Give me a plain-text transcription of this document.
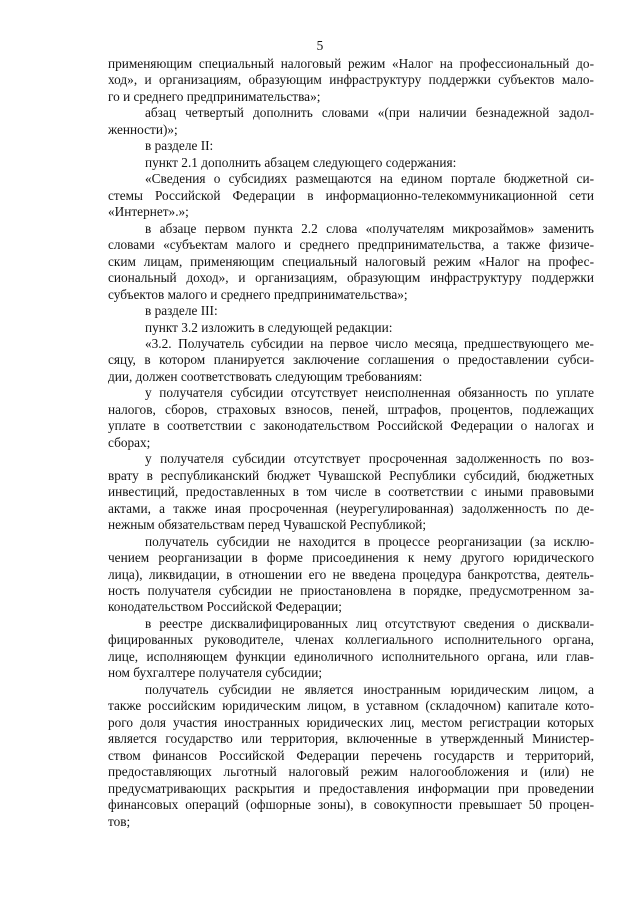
5
применяющим специальный налоговый режим «Налог на профессиональный до-
ход», и организациям, образующим инфраструктуру поддержки субъектов мало-
го и среднего предпринимательства»;
абзац четвертый дополнить словами «(при наличии безнадежной задол-
женности)»;
в разделе II:
пункт 2.1 дополнить абзацем следующего содержания:
«Сведения о субсидиях размещаются на едином портале бюджетной си-
стемы Российской Федерации в информационно-телекоммуникационной сети
«Интернет».»;
в абзаце первом пункта 2.2 слова «получателям микрозаймов» заменить
словами «субъектам малого и среднего предпринимательства, а также физиче-
ским лицам, применяющим специальный налоговый режим «Налог на профес-
сиональный доход», и организациям, образующим инфраструктуру поддержки
субъектов малого и среднего предпринимательства»;
в разделе III:
пункт 3.2 изложить в следующей редакции:
«3.2. Получатель субсидии на первое число месяца, предшествующего ме-
сяцу, в котором планируется заключение соглашения о предоставлении субси-
дии, должен соответствовать следующим требованиям:
у получателя субсидии отсутствует неисполненная обязанность по уплате
налогов, сборов, страховых взносов, пеней, штрафов, процентов, подлежащих
уплате в соответствии с законодательством Российской Федерации о налогах и
сборах;
у получателя субсидии отсутствует просроченная задолженность по воз-
врату в республиканский бюджет Чувашской Республики субсидий, бюджетных
инвестиций, предоставленных в том числе в соответствии с иными правовыми
актами, а также иная просроченная (неурегулированная) задолженность по де-
нежным обязательствам перед Чувашской Республикой;
получатель субсидии не находится в процессе реорганизации (за исклю-
чением реорганизации в форме присоединения к нему другого юридического
лица), ликвидации, в отношении его не введена процедура банкротства, деятель-
ность получателя субсидии не приостановлена в порядке, предусмотренном за-
конодательством Российской Федерации;
в реестре дисквалифицированных лиц отсутствуют сведения о дисквали-
фицированных руководителе, членах коллегиального исполнительного органа,
лице, исполняющем функции единоличного исполнительного органа, или глав-
ном бухгалтере получателя субсидии;
получатель субсидии не является иностранным юридическим лицом, а
также российским юридическим лицом, в уставном (складочном) капитале кото-
рого доля участия иностранных юридических лиц, местом регистрации которых
является государство или территория, включенные в утвержденный Министер-
ством финансов Российской Федерации перечень государств и территорий,
предоставляющих льготный налоговый режим налогообложения и (или) не
предусматривающих раскрытия и предоставления информации при проведении
финансовых операций (офшорные зоны), в совокупности превышает 50 процен-
тов;
